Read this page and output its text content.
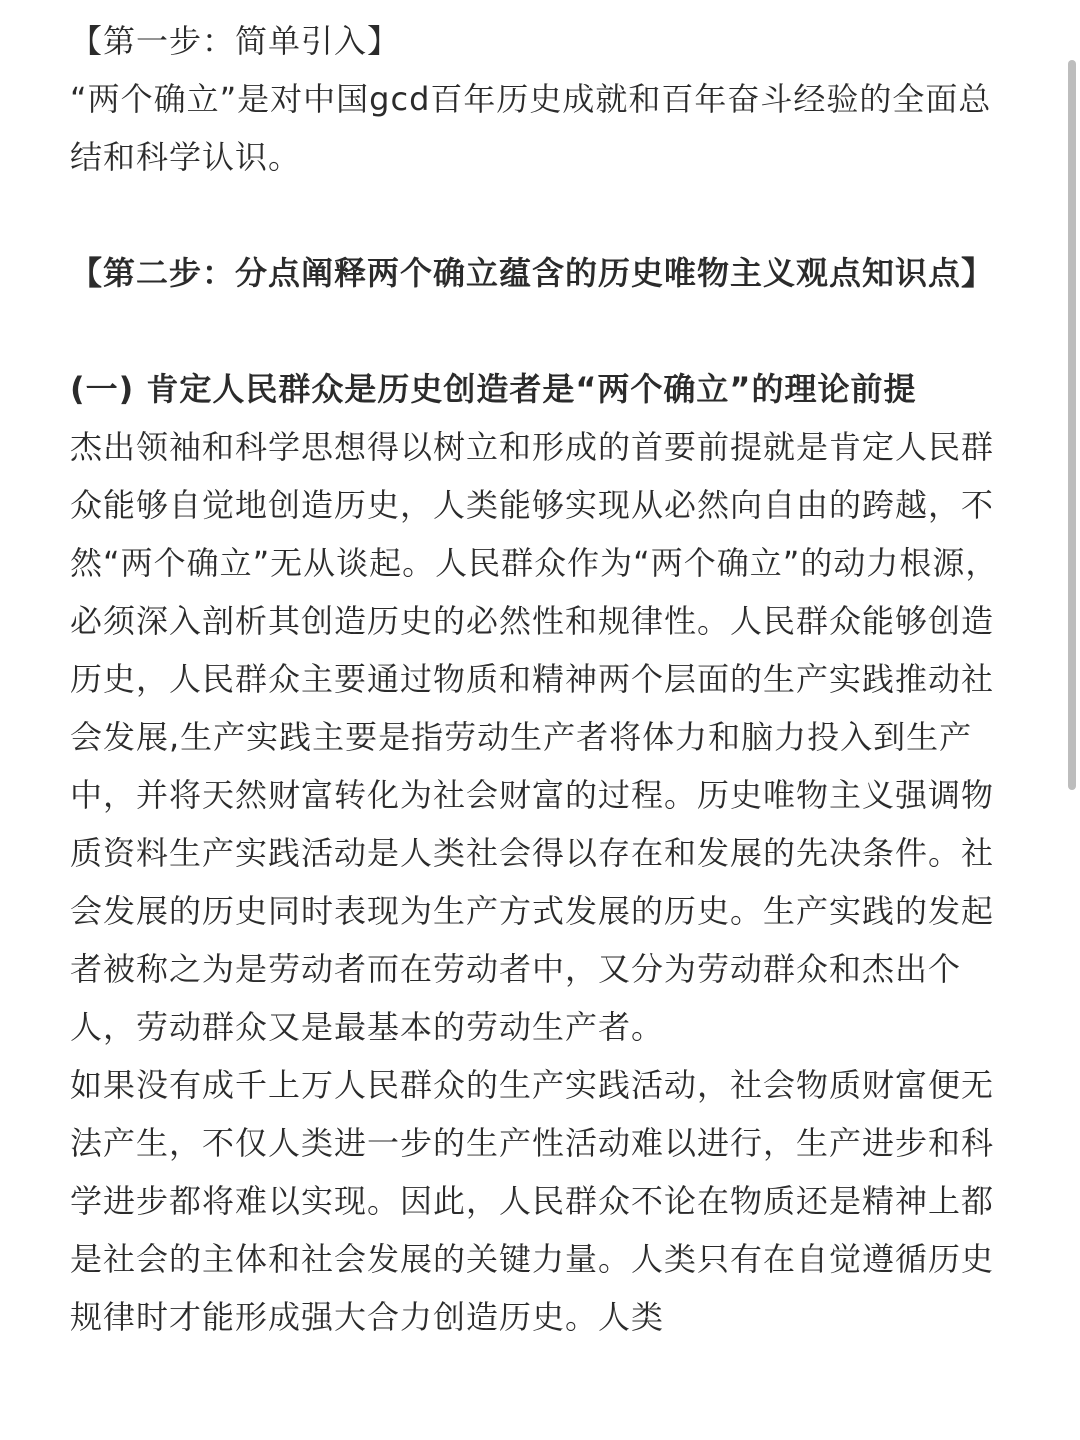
【第一步：简单引入】

“两个确立”是对中国gcd百年历史成就和百年奋斗经验的全面总结和科学认识。

【第二步：分点阐释两个确立蕴含的历史唯物主义观点知识点】

(一) 肯定人民群众是历史创造者是“两个确立”的理论前提

杰出领袖和科学思想得以树立和形成的首要前提就是肯定人民群众能够自觉地创造历史，人类能够实现从必然向自由的跨越，不然“两个确立”无从谈起。人民群众作为“两个确立”的动力根源，必须深入剖析其创造历史的必然性和规律性。人民群众能够创造历史，人民群众主要通过物质和精神两个层面的生产实践推动社会发展,生产实践主要是指劳动生产者将体力和脑力投入到生产中，并将天然财富转化为社会财富的过程。历史唯物主义强调物质资料生产实践活动是人类社会得以存在和发展的先决条件。社会发展的历史同时表现为生产方式发展的历史。生产实践的发起者被称之为是劳动者而在劳动者中，又分为劳动群众和杰出个人，劳动群众又是最基本的劳动生产者。

如果没有成千上万人民群众的生产实践活动，社会物质财富便无法产生，不仅人类进一步的生产性活动难以进行，生产进步和科学进步都将难以实现。因此，人民群众不论在物质还是精神上都是社会的主体和社会发展的关键力量。人类只有在自觉遵循历史规律时才能形成强大合力创造历史。人类
